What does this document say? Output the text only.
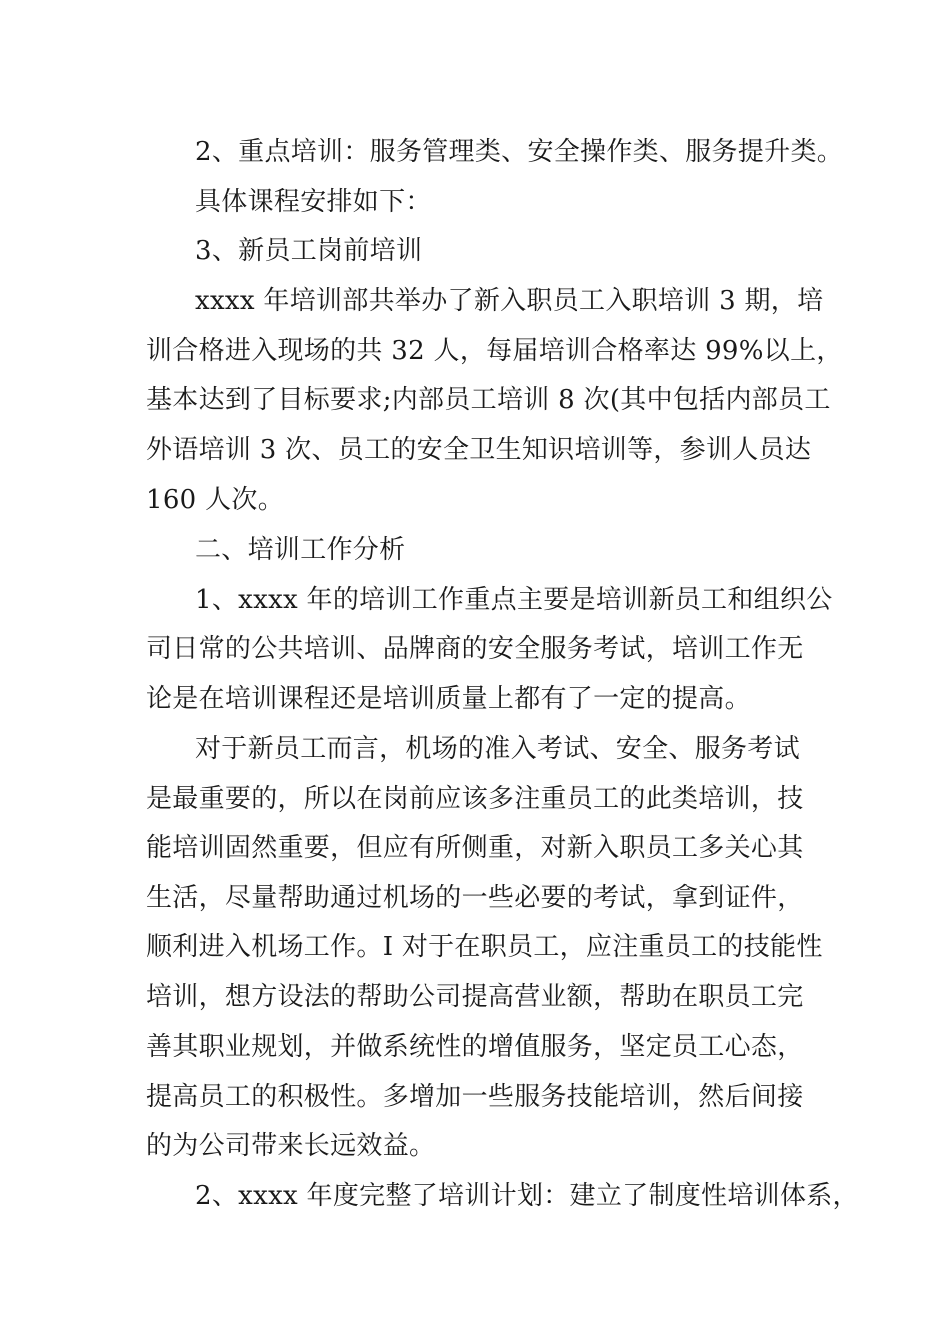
2、重点培训：服务管理类、安全操作类、服务提升类。
具体课程安排如下：
3、新员工岗前培训
xxxx 年培训部共举办了新入职员工入职培训 3 期，培
训合格进入现场的共 32 人，每届培训合格率达 99%以上，
基本达到了目标要求;内部员工培训 8 次(其中包括内部员工
外语培训 3 次、员工的安全卫生知识培训等，参训人员达
160 人次。
二、培训工作分析
1、xxxx 年的培训工作重点主要是培训新员工和组织公
司日常的公共培训、品牌商的安全服务考试，培训工作无
论是在培训课程还是培训质量上都有了一定的提高。
对于新员工而言，机场的准入考试、安全、服务考试
是最重要的，所以在岗前应该多注重员工的此类培训，技
能培训固然重要，但应有所侧重，对新入职员工多关心其
生活，尽量帮助通过机场的一些必要的考试，拿到证件，
顺利进入机场工作。I 对于在职员工，应注重员工的技能性
培训，想方设法的帮助公司提高营业额，帮助在职员工完
善其职业规划，并做系统性的增值服务，坚定员工心态，
提高员工的积极性。多增加一些服务技能培训，然后间接
的为公司带来长远效益。
2、xxxx 年度完整了培训计划：建立了制度性培训体系，
